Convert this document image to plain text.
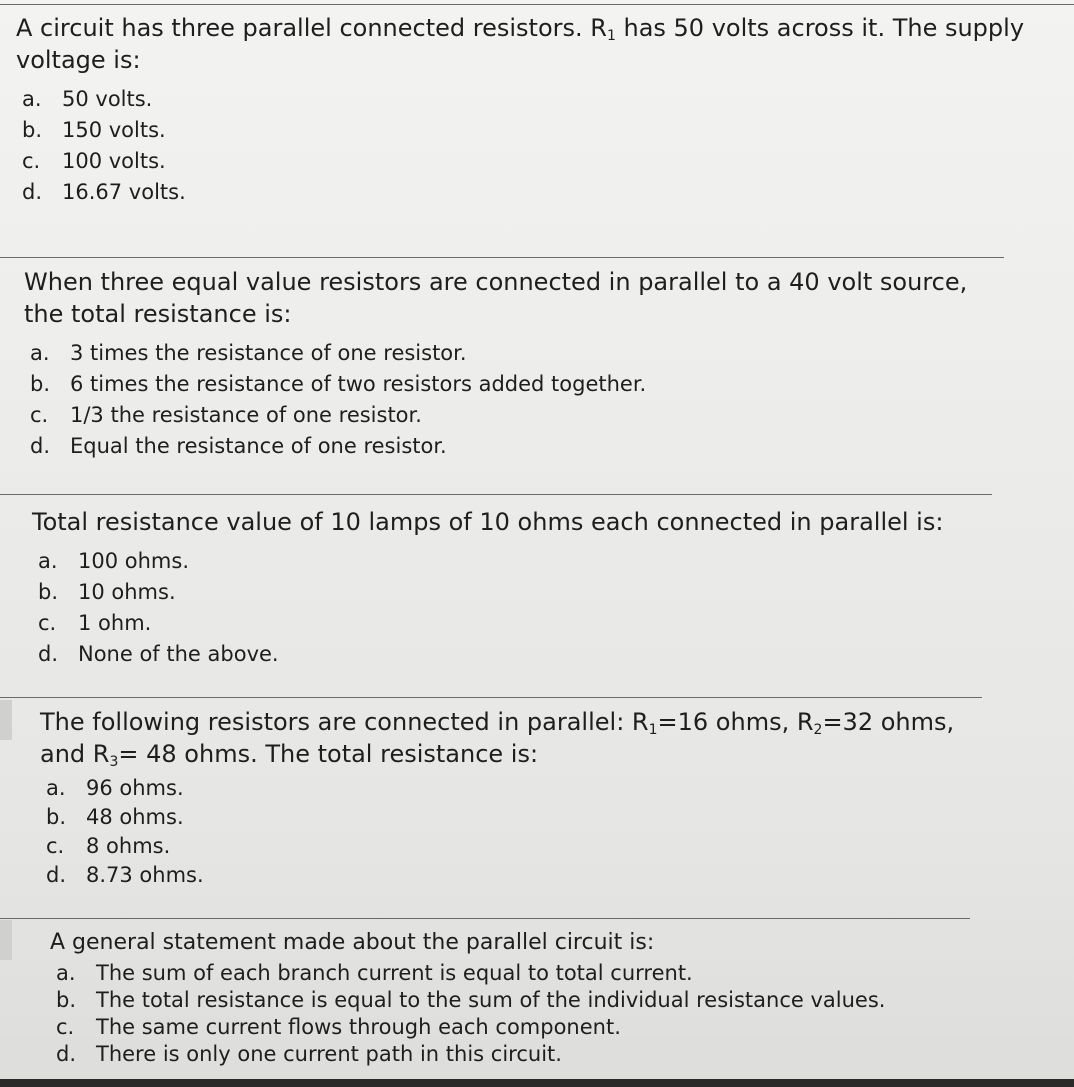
A circuit has three parallel connected resistors. $R_1$ has 50 volts across it. The supply voltage is:

a. 50 volts.
b. 150 volts.
c.	100 volts.
d. 16.67 volts.

When three equal value resistors are connected in parallel to a 40 volt source, the total resistance is:

a. 3 times the resistance of one resistor.
b. 6 times the resistance of two resistors added together.
c.	1/3 the resistance of one resistor.
d. Equal the resistance of one resistor.

Total resistance value of 10 lamps of 10 ohms each connected in parallel is:

a. 100 ohms.
b. 10 ohms.
c.	1 ohm.
d. None of the above.

The following resistors are connected in parallel: $R_1=16$ ohms, $R_2=32$ ohms, and $R_3= 48$ ohms. The total resistance is:

a. 96 ohms.
b. 48 ohms.
c.	8 ohms.
d. 8.73 ohms.

A general statement made about the parallel circuit is:

a. The sum of each branch current is equal to total current.
b. The total resistance is equal to the sum of the individual resistance values.
c.	The same current flows through each component.
d. There is only one current path in this circuit.
